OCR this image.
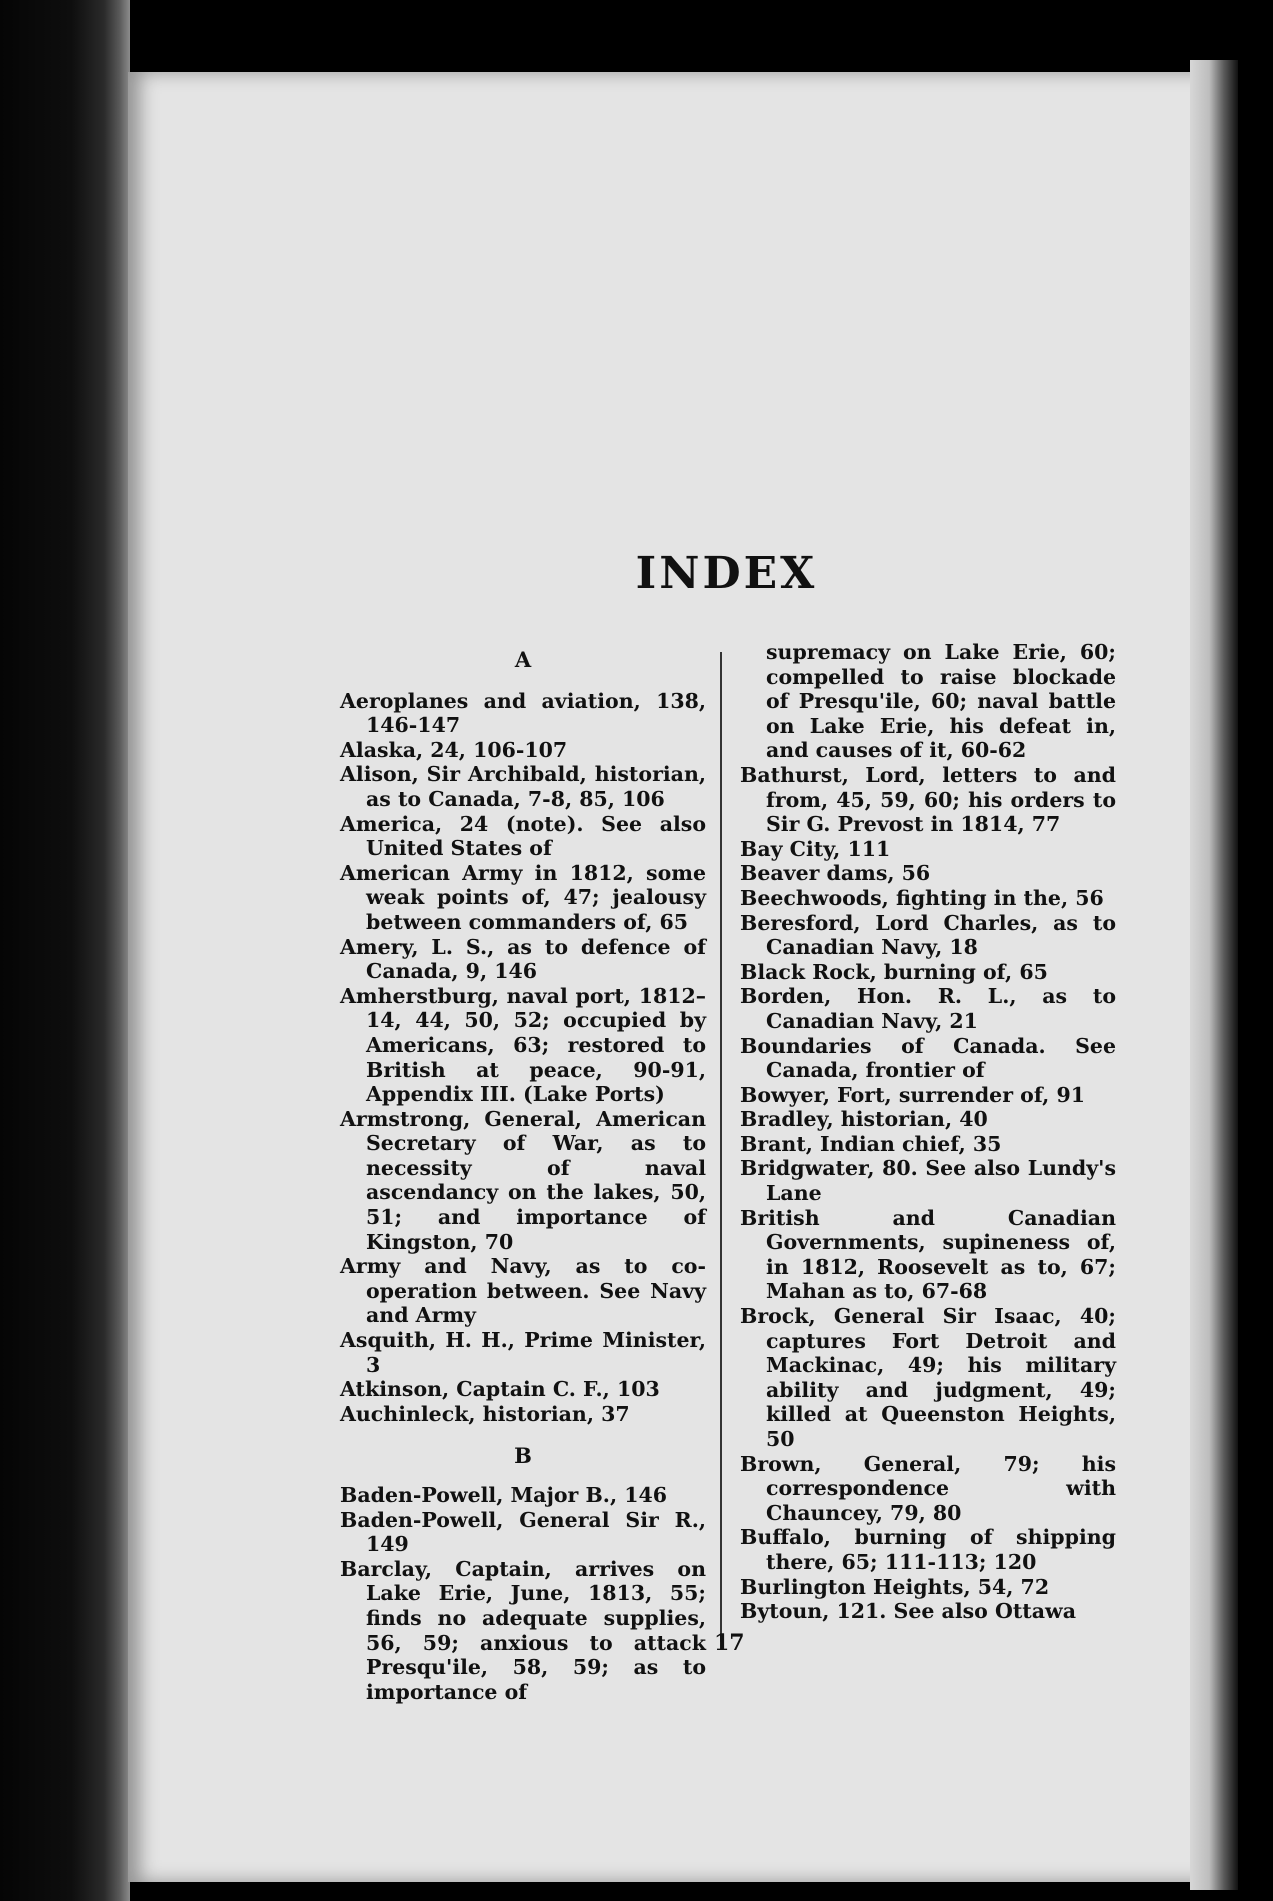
INDEX
A

Aeroplanes and aviation, 138, 146-147

Alaska, 24, 106-107

Alison, Sir Archibald, historian, as to Canada, 7-8, 85, 106

America, 24 (note). See also United States of

American Army in 1812, some weak points of, 47; jealousy between commanders of, 65

Amery, L. S., as to defence of Canada, 9, 146

Amherstburg, naval port, 1812–14, 44, 50, 52; occupied by Americans, 63; restored to British at peace, 90-91, Appendix III. (Lake Ports)

Armstrong, General, American Secretary of War, as to necessity of naval ascendancy on the lakes, 50, 51; and importance of Kingston, 70

Army and Navy, as to co-operation between. See Navy and Army

Asquith, H. H., Prime Minister, 3

Atkinson, Captain C. F., 103

Auchinleck, historian, 37

B

Baden-Powell, Major B., 146

Baden-Powell, General Sir R., 149

Barclay, Captain, arrives on Lake Erie, June, 1813, 55; finds no adequate supplies, 56, 59; anxious to attack Presqu'ile, 58, 59; as to importance of

supremacy on Lake Erie, 60; compelled to raise blockade of Presqu'ile, 60; naval battle on Lake Erie, his defeat in, and causes of it, 60-62

Bathurst, Lord, letters to and from, 45, 59, 60; his orders to Sir G. Prevost in 1814, 77

Bay City, 111

Beaver dams, 56

Beechwoods, fighting in the, 56

Beresford, Lord Charles, as to Canadian Navy, 18

Black Rock, burning of, 65

Borden, Hon. R. L., as to Canadian Navy, 21

Boundaries of Canada. See Canada, frontier of

Bowyer, Fort, surrender of, 91

Bradley, historian, 40

Brant, Indian chief, 35

Bridgwater, 80. See also Lundy's Lane

British and Canadian Governments, supineness of, in 1812, Roosevelt as to, 67; Mahan as to, 67-68

Brock, General Sir Isaac, 40; captures Fort Detroit and Mackinac, 49; his military ability and judgment, 49; killed at Queenston Heights, 50

Brown, General, 79; his correspondence with Chauncey, 79, 80

Buffalo, burning of shipping there, 65; 111-113; 120

Burlington Heights, 54, 72

Bytoun, 121. See also Ottawa

17
